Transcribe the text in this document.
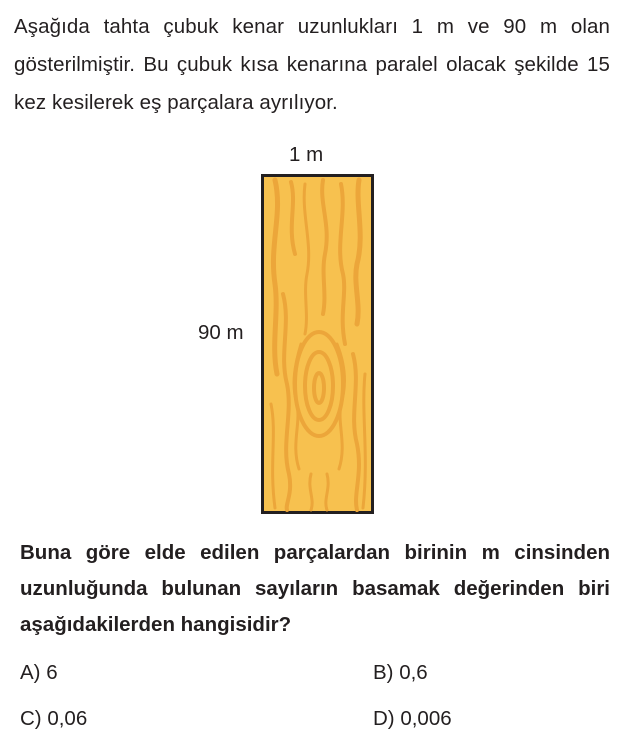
Aşağıda tahta çubuk kenar uzunlukları 1 m ve 90 m olan gösterilmiştir. Bu çubuk kısa kenarına paralel olacak şekilde 15 kez kesilerek eş parçalara ayrılıyor.

1 m
90 m

Buna göre elde edilen parçalardan birinin m cinsinden uzunluğunda bulunan sayıların basamak değerinden biri aşağıdakilerden hangisidir?

A) 6	B) 0,6
C) 0,06	D) 0,006
